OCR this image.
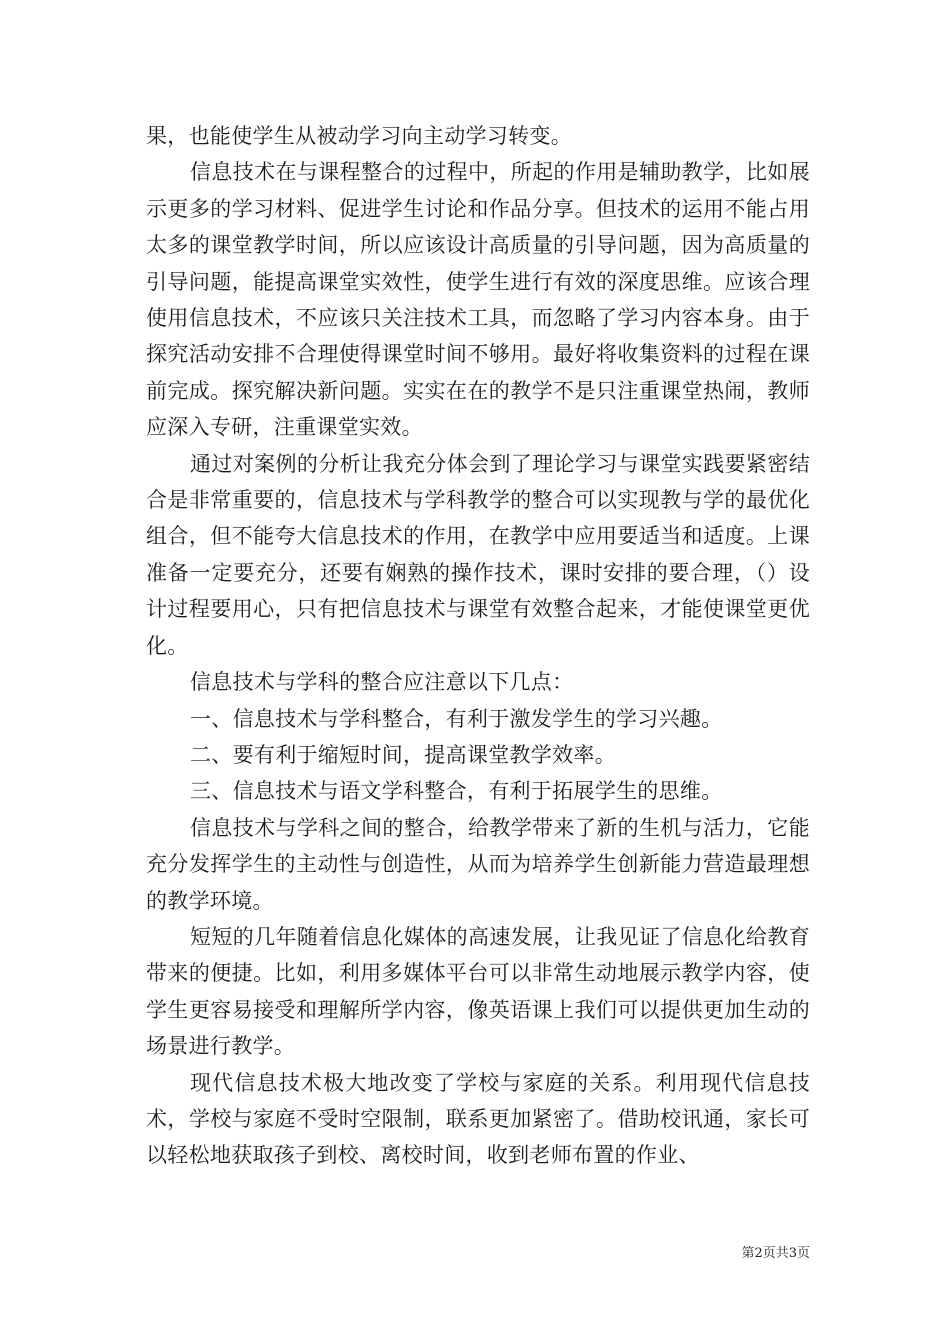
果，也能使学生从被动学习向主动学习转变。

信息技术在与课程整合的过程中，所起的作用是辅助教学，比如展示更多的学习材料、促进学生讨论和作品分享。但技术的运用不能占用太多的课堂教学时间，所以应该设计高质量的引导问题，因为高质量的引导问题，能提高课堂实效性，使学生进行有效的深度思维。应该合理使用信息技术，不应该只关注技术工具，而忽略了学习内容本身。由于探究活动安排不合理使得课堂时间不够用。最好将收集资料的过程在课前完成。探究解决新问题。实实在在的教学不是只注重课堂热闹，教师应深入专研，注重课堂实效。

通过对案例的分析让我充分体会到了理论学习与课堂实践要紧密结合是非常重要的，信息技术与学科教学的整合可以实现教与学的最优化组合，但不能夸大信息技术的作用，在教学中应用要适当和适度。上课准备一定要充分，还要有娴熟的操作技术，课时安排的要合理，（）设计过程要用心，只有把信息技术与课堂有效整合起来，才能使课堂更优化。

信息技术与学科的整合应注意以下几点：

一、信息技术与学科整合，有利于激发学生的学习兴趣。

二、要有利于缩短时间，提高课堂教学效率。

三、信息技术与语文学科整合，有利于拓展学生的思维。

信息技术与学科之间的整合，给教学带来了新的生机与活力，它能充分发挥学生的主动性与创造性，从而为培养学生创新能力营造最理想的教学环境。

短短的几年随着信息化媒体的高速发展，让我见证了信息化给教育带来的便捷。比如，利用多媒体平台可以非常生动地展示教学内容，使学生更容易接受和理解所学内容，像英语课上我们可以提供更加生动的场景进行教学。

现代信息技术极大地改变了学校与家庭的关系。利用现代信息技术，学校与家庭不受时空限制，联系更加紧密了。借助校讯通，家长可以轻松地获取孩子到校、离校时间，收到老师布置的作业、

第2页共3页
